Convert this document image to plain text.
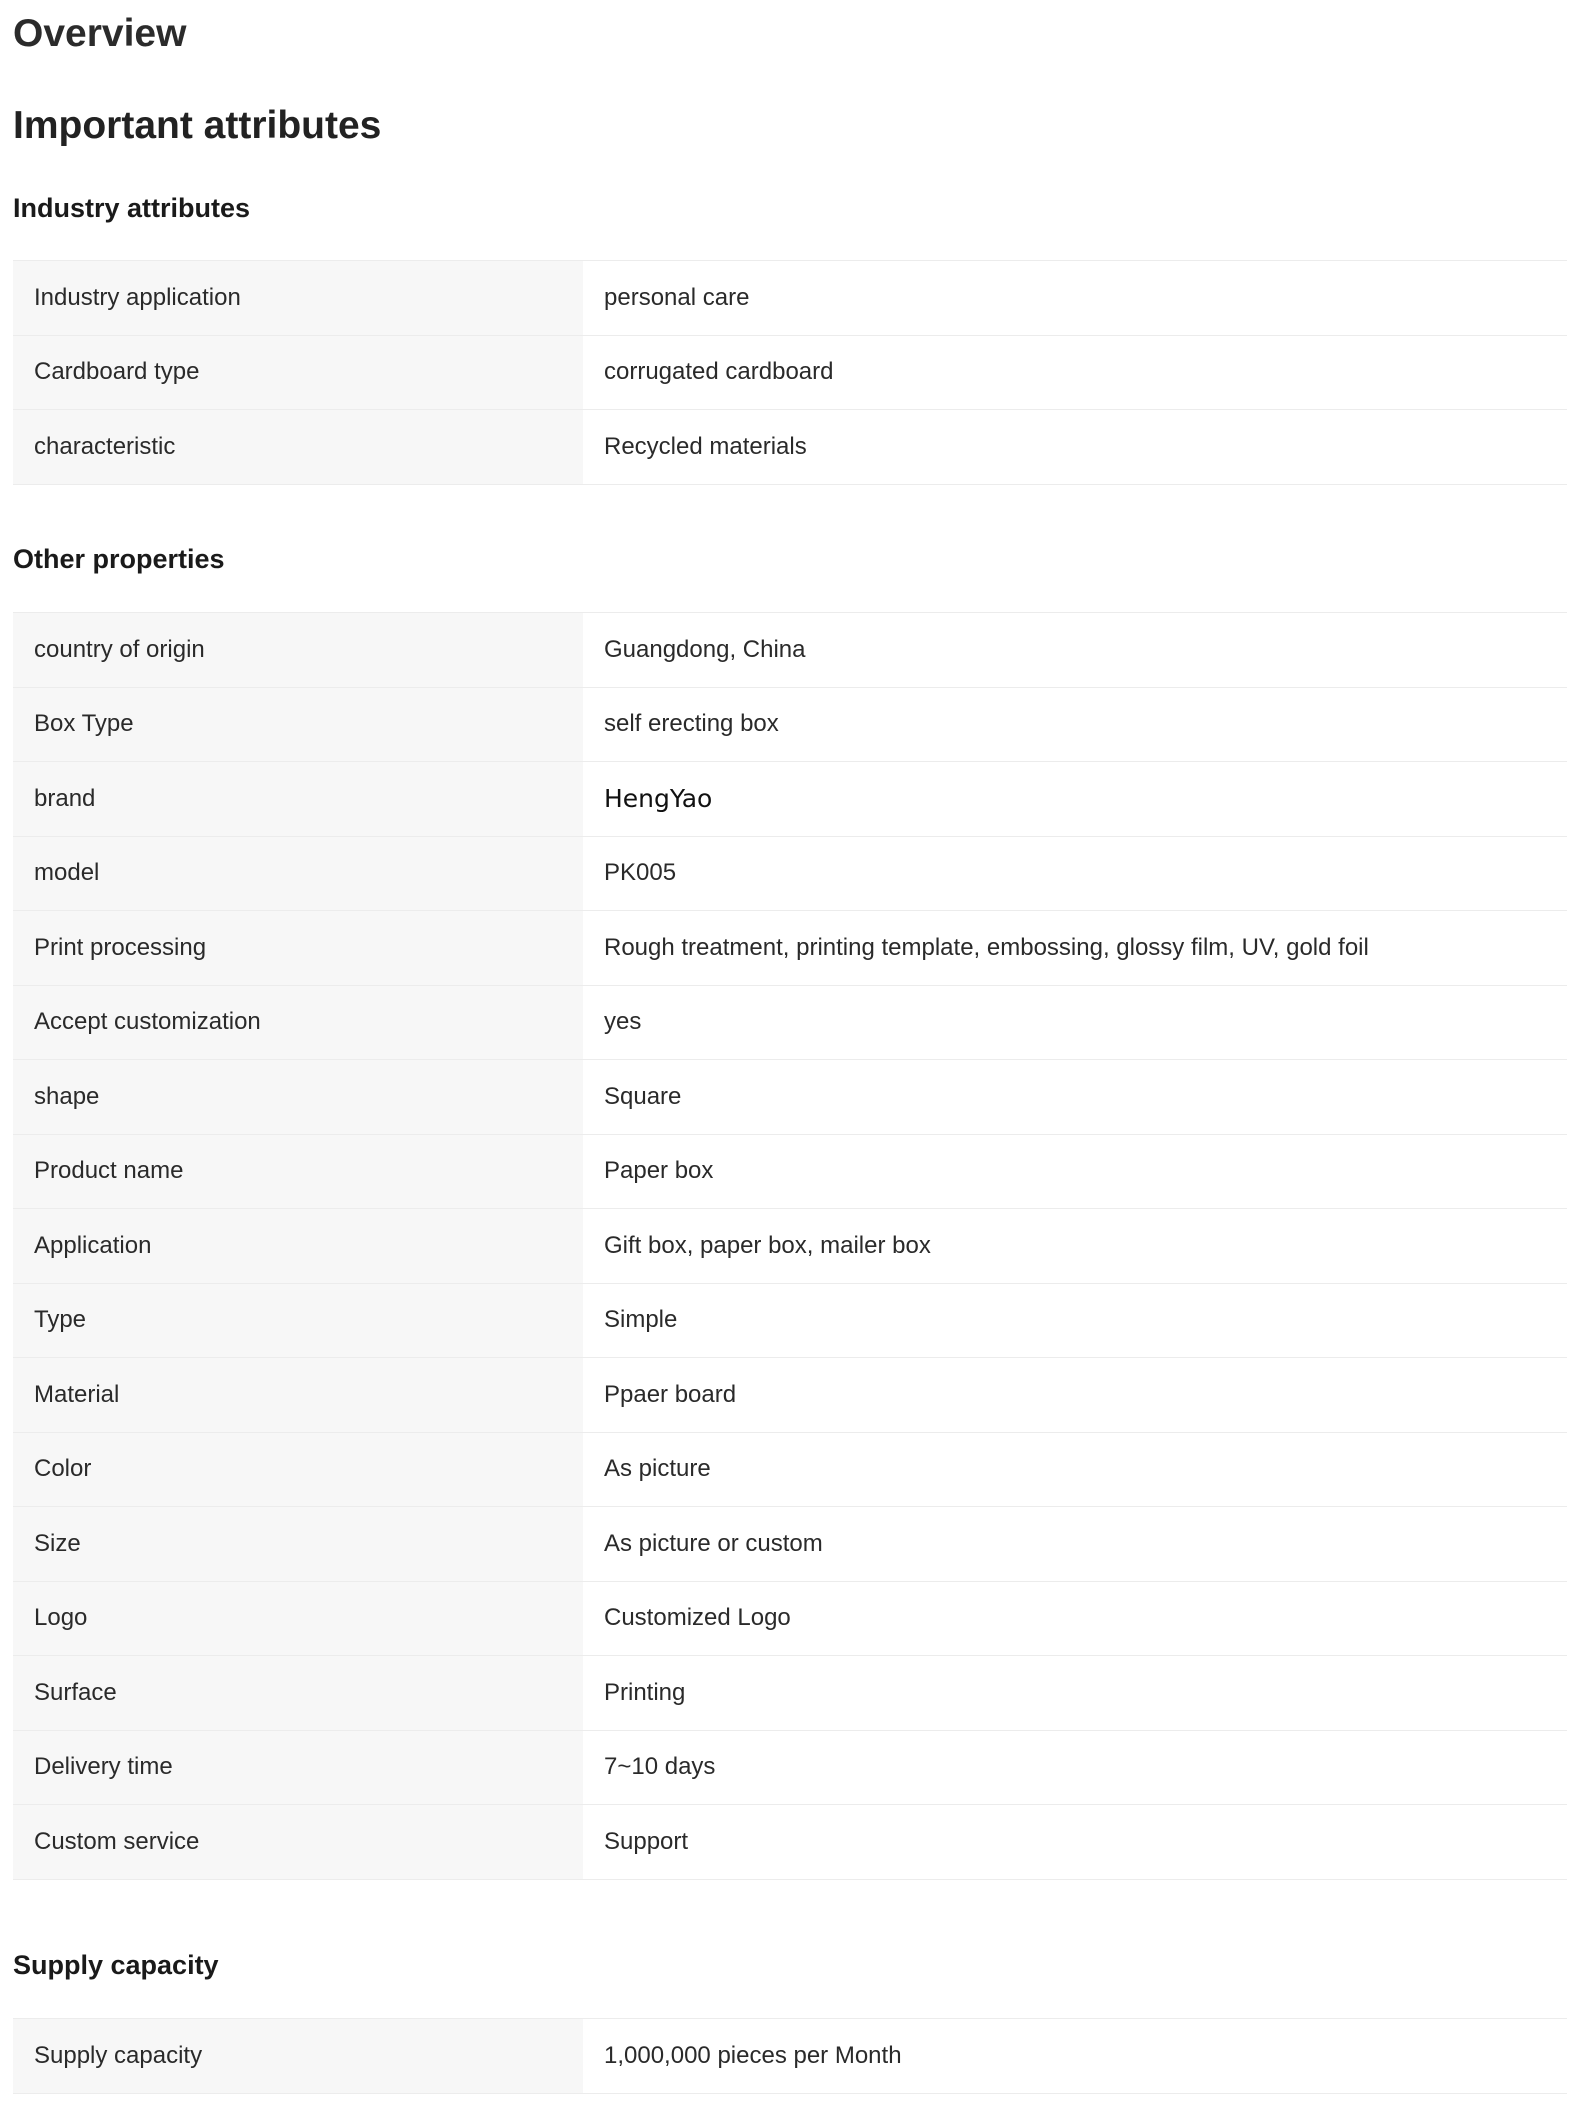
Overview
Important attributes
Industry attributes
Industry application	personal care
Cardboard type	corrugated cardboard
characteristic	Recycled materials
Other properties
country of origin	Guangdong, China
Box Type	self erecting box
brand	HengYao
model	PK005
Print processing	Rough treatment, printing template, embossing, glossy film, UV, gold foil
Accept customization	yes
shape	Square
Product name	Paper box
Application	Gift box, paper box, mailer box
Type	Simple
Material	Ppaer board
Color	As picture
Size	As picture or custom
Logo	Customized Logo
Surface	Printing
Delivery time	7~10 days
Custom service	Support
Supply capacity
Supply capacity	1,000,000 pieces per Month
